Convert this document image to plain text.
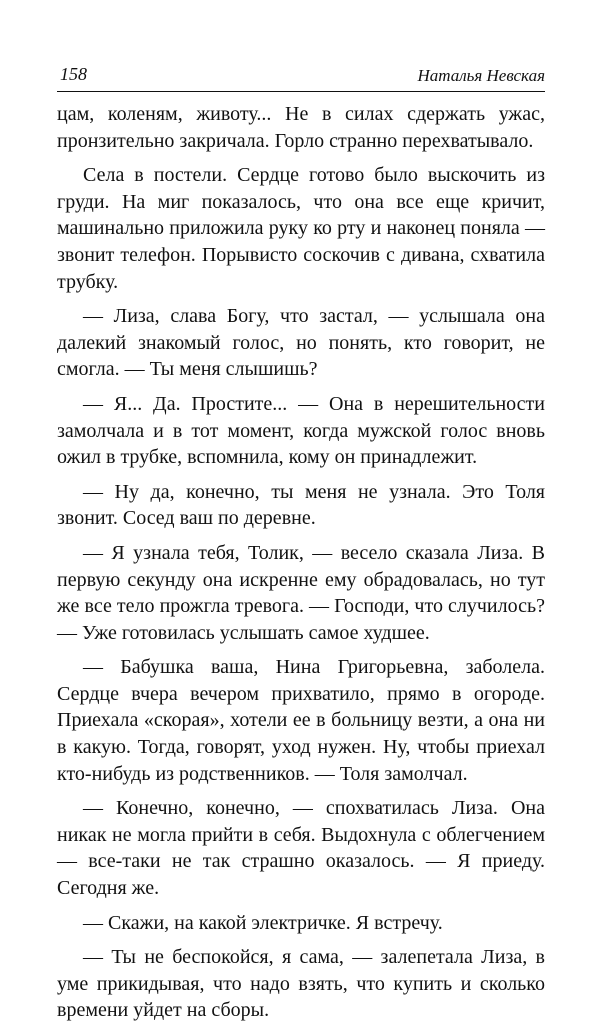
158	Наталья Невская

цам, коленям, животу... Не в силах сдержать ужас, пронзительно закричала. Горло странно перехватывало.

Села в постели. Сердце готово было выскочить из груди. На миг показалось, что она все еще кричит, машинально приложила руку ко рту и наконец поняла — звонит телефон. Порывисто соскочив с дивана, схватила трубку.

— Лиза, слава Богу, что застал, — услышала она далекий знакомый голос, но понять, кто говорит, не смогла. — Ты меня слышишь?

— Я... Да. Простите... — Она в нерешительности замолчала и в тот момент, когда мужской голос вновь ожил в трубке, вспомнила, кому он принадлежит.

— Ну да, конечно, ты меня не узнала. Это Толя звонит. Сосед ваш по деревне.

— Я узнала тебя, Толик, — весело сказала Лиза. В первую секунду она искренне ему обрадовалась, но тут же все тело прожгла тревога. — Господи, что случилось? — Уже готовилась услышать самое худшее.

— Бабушка ваша, Нина Григорьевна, заболела. Сердце вчера вечером прихватило, прямо в огороде. Приехала «скорая», хотели ее в больницу везти, а она ни в какую. Тогда, говорят, уход нужен. Ну, чтобы приехал кто-нибудь из родственников. — Толя замолчал.

— Конечно, конечно, — спохватилась Лиза. Она никак не могла прийти в себя. Выдохнула с облегчением — все-таки не так страшно оказалось. — Я приеду. Сегодня же.

— Скажи, на какой электричке. Я встречу.

— Ты не беспокойся, я сама, — залепетала Лиза, в уме прикидывая, что надо взять, что купить и сколько времени уйдет на сборы.
